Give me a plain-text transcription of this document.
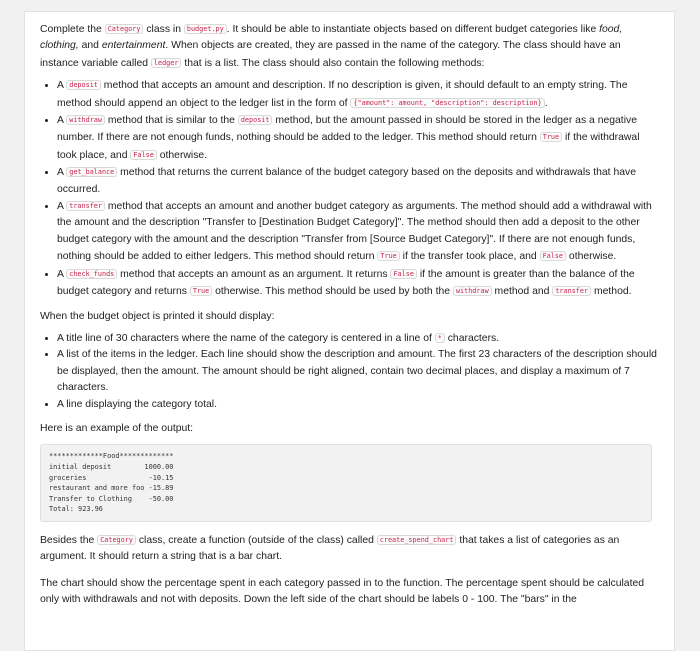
Complete the Category class in budget.py . It should be able to instantiate objects based on different budget categories like food, clothing, and entertainment. When objects are created, they are passed in the name of the category. The class should have an instance variable called ledger that is a list. The class should also contain the following methods:

• A deposit method that accepts an amount and description. If no description is given, it should default to an empty string. The method should append an object to the ledger list in the form of {"amount": amount, "description": description} .
• A withdraw method that is similar to the deposit method, but the amount passed in should be stored in the ledger as a negative number. If there are not enough funds, nothing should be added to the ledger. This method should return True if the withdrawal took place, and False otherwise.
• A get_balance method that returns the current balance of the budget category based on the deposits and withdrawals that have occurred.
• A transfer method that accepts an amount and another budget category as arguments. The method should add a withdrawal with the amount and the description "Transfer to [Destination Budget Category]". The method should then add a deposit to the other budget category with the amount and the description "Transfer from [Source Budget Category]". If there are not enough funds, nothing should be added to either ledgers. This method should return True if the transfer took place, and False otherwise.
• A check_funds method that accepts an amount as an argument. It returns False if the amount is greater than the balance of the budget category and returns True otherwise. This method should be used by both the withdraw method and transfer method.

When the budget object is printed it should display:

• A title line of 30 characters where the name of the category is centered in a line of * characters.
• A list of the items in the ledger. Each line should show the description and amount. The first 23 characters of the description should be displayed, then the amount. The amount should be right aligned, contain two decimal places, and display a maximum of 7 characters.
• A line displaying the category total.

Here is an example of the output:

*************Food*************
initial deposit        1000.00
groceries               -10.15
restaurant and more foo -15.89
Transfer to Clothing    -50.00
Total: 923.96

Besides the Category class, create a function (outside of the class) called create_spend_chart that takes a list of categories as an argument. It should return a string that is a bar chart.

The chart should show the percentage spent in each category passed in to the function. The percentage spent should be calculated only with withdrawals and not with deposits. Down the left side of the chart should be labels 0 - 100. The "bars" in the
